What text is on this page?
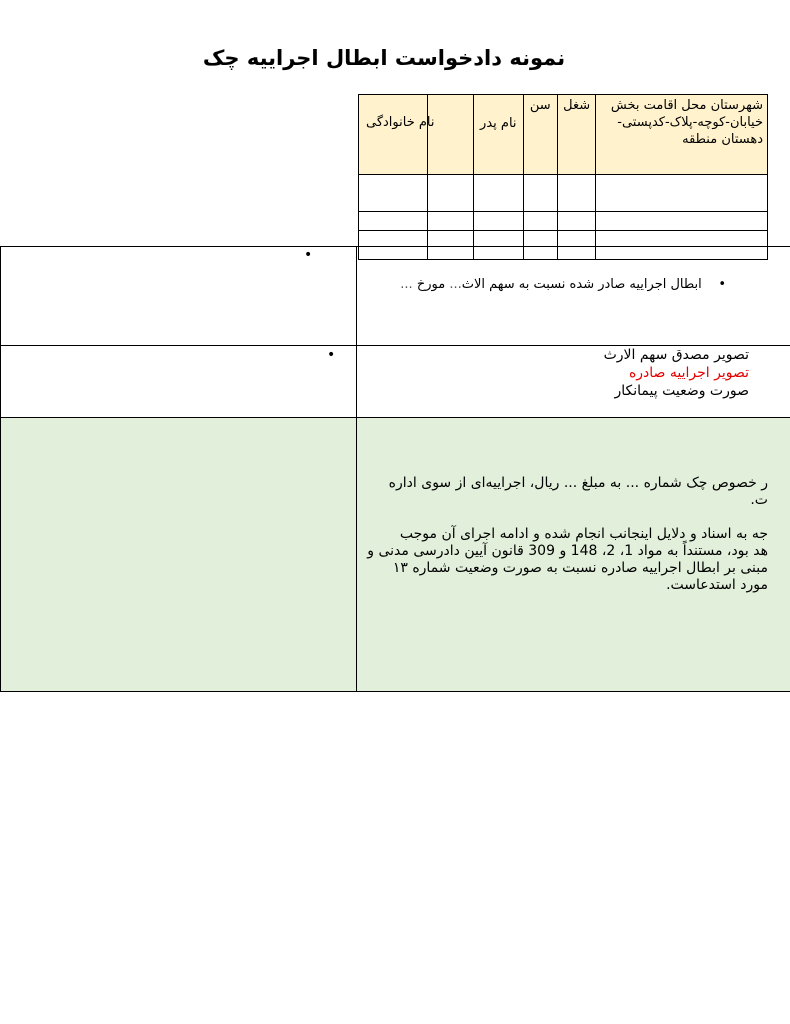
نمونه دادخواست ابطال اجراییه چک
شهرستان محل اقامت بخش خیابان-کوچه-پلاک-کدپستی- دهستان منطقه	شغل	سن	نام پدر		نام خانوادگی

•
•    ابطال اجراییه صادر شده نسبت به سهم الاث... مورخ ...
•	تصویر مصدق سهم الارث
تصویر اجراییه صادره
صورت وضعیت پیمانکار

ر خصوص چک شماره ... به مبلغ ... ریال، اجراییه‌ای از سوی اداره
ت.

جه به اسناد و دلایل اینجانب انجام شده و ادامه اجرای آن موجب
هد بود، مستنداً به مواد 1، 2، 148 و 309 قانون آیین دادرسی مدنی و
مبنی بر ابطال اجراییه صادره نسبت به صورت وضعیت شماره ۱۳
مورد استدعاست.
